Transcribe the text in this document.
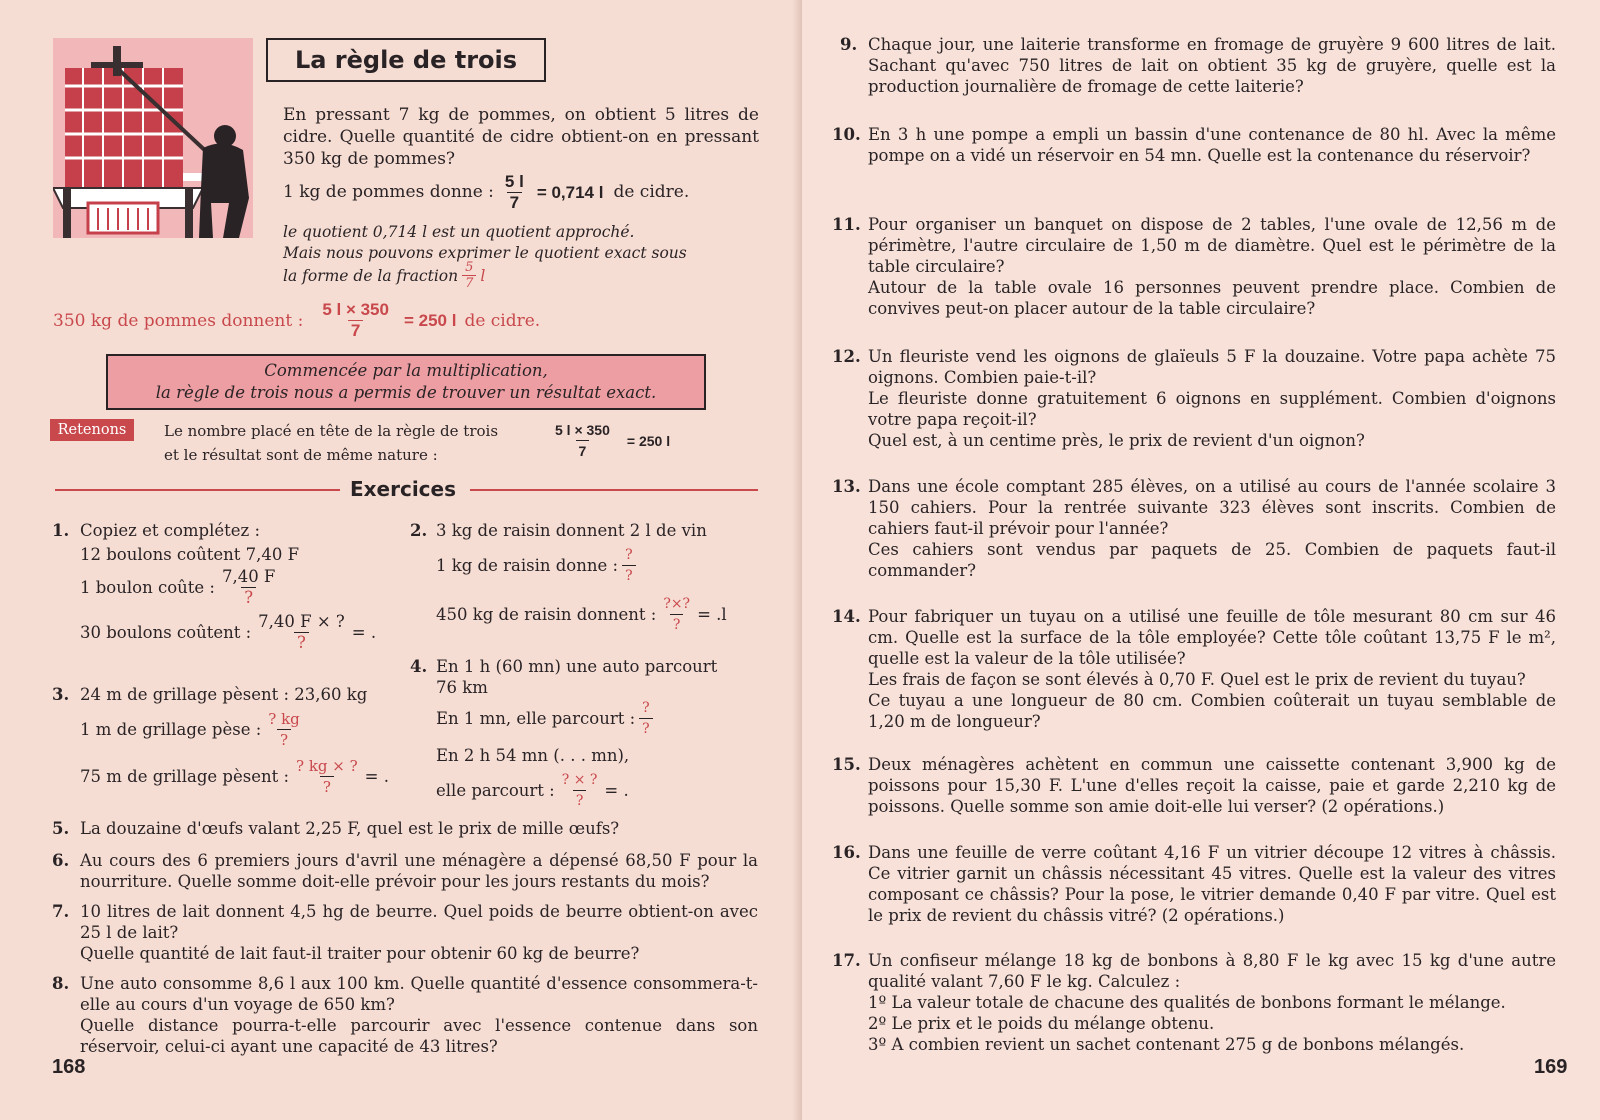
La règle de trois

En pressant 7 kg de pommes, on obtient 5 litres de cidre. Quelle quantité de cidre obtient-on en pressant 350 kg de pommes?

1 kg de pommes donne : $\frac{5 l}{7} = 0,714$ l de cidre.

le quotient 0,714 l est un quotient approché.

Mais nous pouvons exprimer le quotient exact sous

la forme de la fraction $\frac{5}{7}$ l
350 kg de pommes donnent : $\frac{5 l \times 350}{7} = 250$ l de cidre.
Commencée par la multiplication,
la règle de trois nous a permis de trouver un résultat exact.
Retenons	Le nombre placé en tête de la règle de trois
et le résultat sont de même nature :	$\frac{5 l \times 350}{7} = 250$ l
Exercices
1. Copiez et complétez :
12 boulons coûtent 7,40 F
1 boulon coûte : $\frac{7,40 F}{?}$
30 boulons coûtent : $\frac{7,40 F \times ?}{?}$ = .
2. 3 kg de raisin donnent 2 l de vin
1 kg de raisin donne : $\frac{?}{?}$
450 kg de raisin donnent : $\frac{?\times?}{?} = .l$
3. 24 m de grillage pèsent : 23,60 kg
1 m de grillage pèse : $\frac{? kg}{?}$
75 m de grillage pèsent : $\frac{? kg \times ?}{?}$ = .
4. En 1 h (60 mn) une auto parcourt
76 km
En 1 mn, elle parcourt : $\frac{?}{?}$
En 2 h 54 mn (. . . mn),
elle parcourt : $\frac{? \times ?}{?}$ = .
5. La douzaine d'œufs valant 2,25 F, quel est le prix de mille œufs?
6. Au cours des 6 premiers jours d'avril une ménagère a dépensé 68,50 F pour la nourriture. Quelle somme doit-elle prévoir pour les jours restants du mois?
7. 10 litres de lait donnent 4,5 hg de beurre. Quel poids de beurre obtient-on avec 25 l de lait?
Quelle quantité de lait faut-il traiter pour obtenir 60 kg de beurre?
8. Une auto consomme 8,6 l aux 100 km. Quelle quantité d'essence consommera-t-elle au cours d'un voyage de 650 km?
Quelle distance pourra-t-elle parcourir avec l'essence contenue dans son réservoir, celui-ci ayant une capacité de 43 litres?
168
9. Chaque jour, une laiterie transforme en fromage de gruyère 9 600 litres de lait. Sachant qu'avec 750 litres de lait on obtient 35 kg de gruyère, quelle est la production journalière de fromage de cette laiterie?
10. En 3 h une pompe a empli un bassin d'une contenance de 80 hl. Avec la même pompe on a vidé un réservoir en 54 mn. Quelle est la contenance du réservoir?
11. Pour organiser un banquet on dispose de 2 tables, l'une ovale de 12,56 m de périmètre, l'autre circulaire de 1,50 m de diamètre. Quel est le périmètre de la table circulaire?
Autour de la table ovale 16 personnes peuvent prendre place. Combien de convives peut-on placer autour de la table circulaire?
12. Un fleuriste vend les oignons de glaïeuls 5 F la douzaine. Votre papa achète 75 oignons. Combien paie-t-il?
Le fleuriste donne gratuitement 6 oignons en supplément. Combien d'oignons votre papa reçoit-il?
Quel est, à un centime près, le prix de revient d'un oignon?
13. Dans une école comptant 285 élèves, on a utilisé au cours de l'année scolaire 3 150 cahiers. Pour la rentrée suivante 323 élèves sont inscrits. Combien de cahiers faut-il prévoir pour l'année?
Ces cahiers sont vendus par paquets de 25. Combien de paquets faut-il commander?
14. Pour fabriquer un tuyau on a utilisé une feuille de tôle mesurant 80 cm sur 46 cm. Quelle est la surface de la tôle employée? Cette tôle coûtant 13,75 F le m², quelle est la valeur de la tôle utilisée?
Les frais de façon se sont élevés à 0,70 F. Quel est le prix de revient du tuyau?
Ce tuyau a une longueur de 80 cm. Combien coûterait un tuyau semblable de 1,20 m de longueur?
15. Deux ménagères achètent en commun une caissette contenant 3,900 kg de poissons pour 15,30 F. L'une d'elles reçoit la caisse, paie et garde 2,210 kg de poissons. Quelle somme son amie doit-elle lui verser? (2 opérations.)
16. Dans une feuille de verre coûtant 4,16 F un vitrier découpe 12 vitres à châssis. Ce vitrier garnit un châssis nécessitant 45 vitres. Quelle est la valeur des vitres composant ce châssis? Pour la pose, le vitrier demande 0,40 F par vitre. Quel est le prix de revient du châssis vitré? (2 opérations.)
17. Un confiseur mélange 18 kg de bonbons à 8,80 F le kg avec 15 kg d'une autre qualité valant 7,60 F le kg. Calculez :
1º La valeur totale de chacune des qualités de bonbons formant le mélange.
2º Le prix et le poids du mélange obtenu.
3º A combien revient un sachet contenant 275 g de bonbons mélangés.
169
